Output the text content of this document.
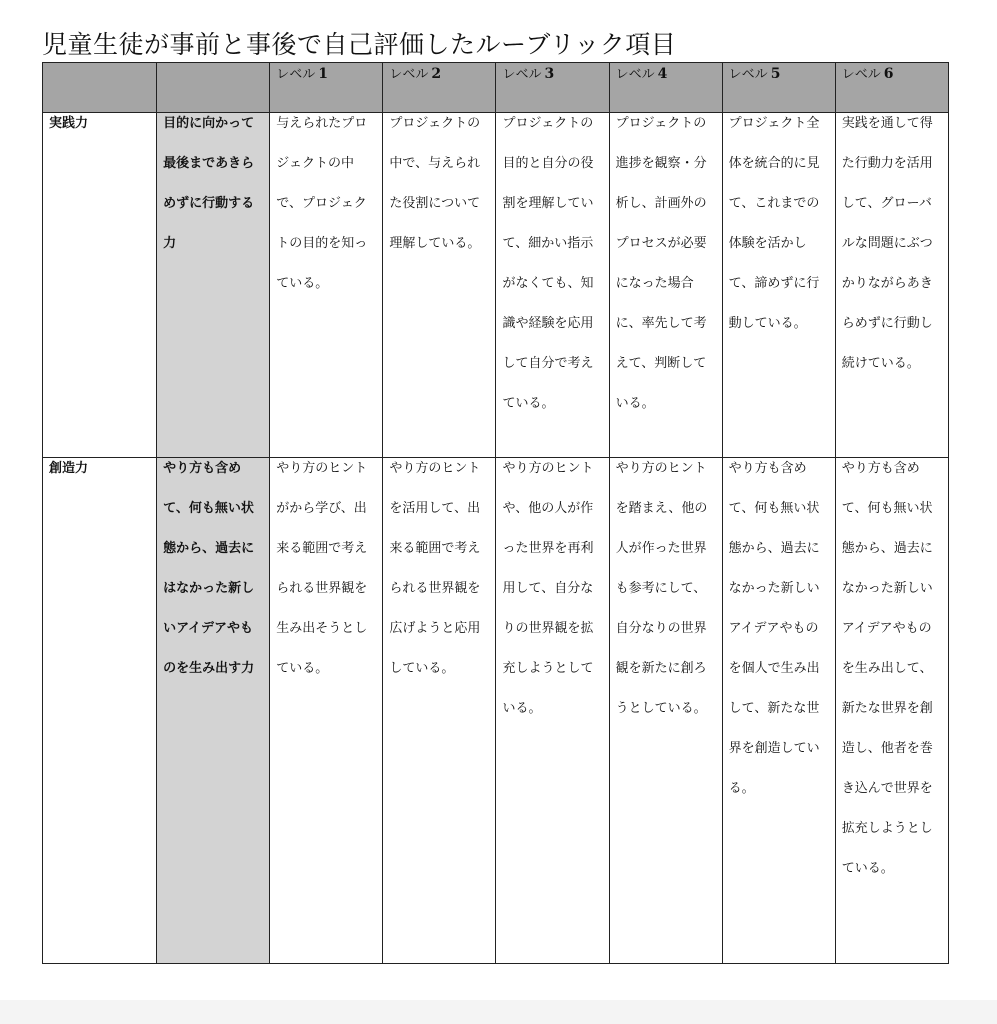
児童生徒が事前と事後で自己評価したルーブリック項目
		レベル 1	レベル 2	レベル 3	レベル 4	レベル 5	レベル 6

実践力	目的に向かって最後まであきらめずに行動する力	与えられたプロジェクトの中で、プロジェクトの目的を知っている。	プロジェクトの中で、与えられた役割について理解している。	プロジェクトの目的と自分の役割を理解していて、細かい指示がなくても、知識や経験を応用して自分で考えている。	プロジェクトの進捗を観察・分析し、計画外のプロセスが必要になった場合に、率先して考えて、判断している。	プロジェクト全体を統合的に見て、これまでの体験を活かして、諦めずに行動している。	実践を通して得た行動力を活用して、グローバルな問題にぶつかりながらあきらめずに行動し続けている。

創造力	やり方も含めて、何も無い状態から、過去にはなかった新しいアイデアやものを生み出す力	やり方のヒントがから学び、出来る範囲で考えられる世界観を生み出そうとしている。	やり方のヒントを活用して、出来る範囲で考えられる世界観を広げようと応用している。	やり方のヒントや、他の人が作った世界を再利用して、自分なりの世界観を拡充しようとしている。	やり方のヒントを踏まえ、他の人が作った世界も参考にして、自分なりの世界観を新たに創ろうとしている。	やり方も含めて、何も無い状態から、過去になかった新しいアイデアやものを個人で生み出して、新たな世界を創造している。	やり方も含めて、何も無い状態から、過去になかった新しいアイデアやものを生み出して、新たな世界を創造し、他者を巻き込んで世界を拡充しようとしている。
